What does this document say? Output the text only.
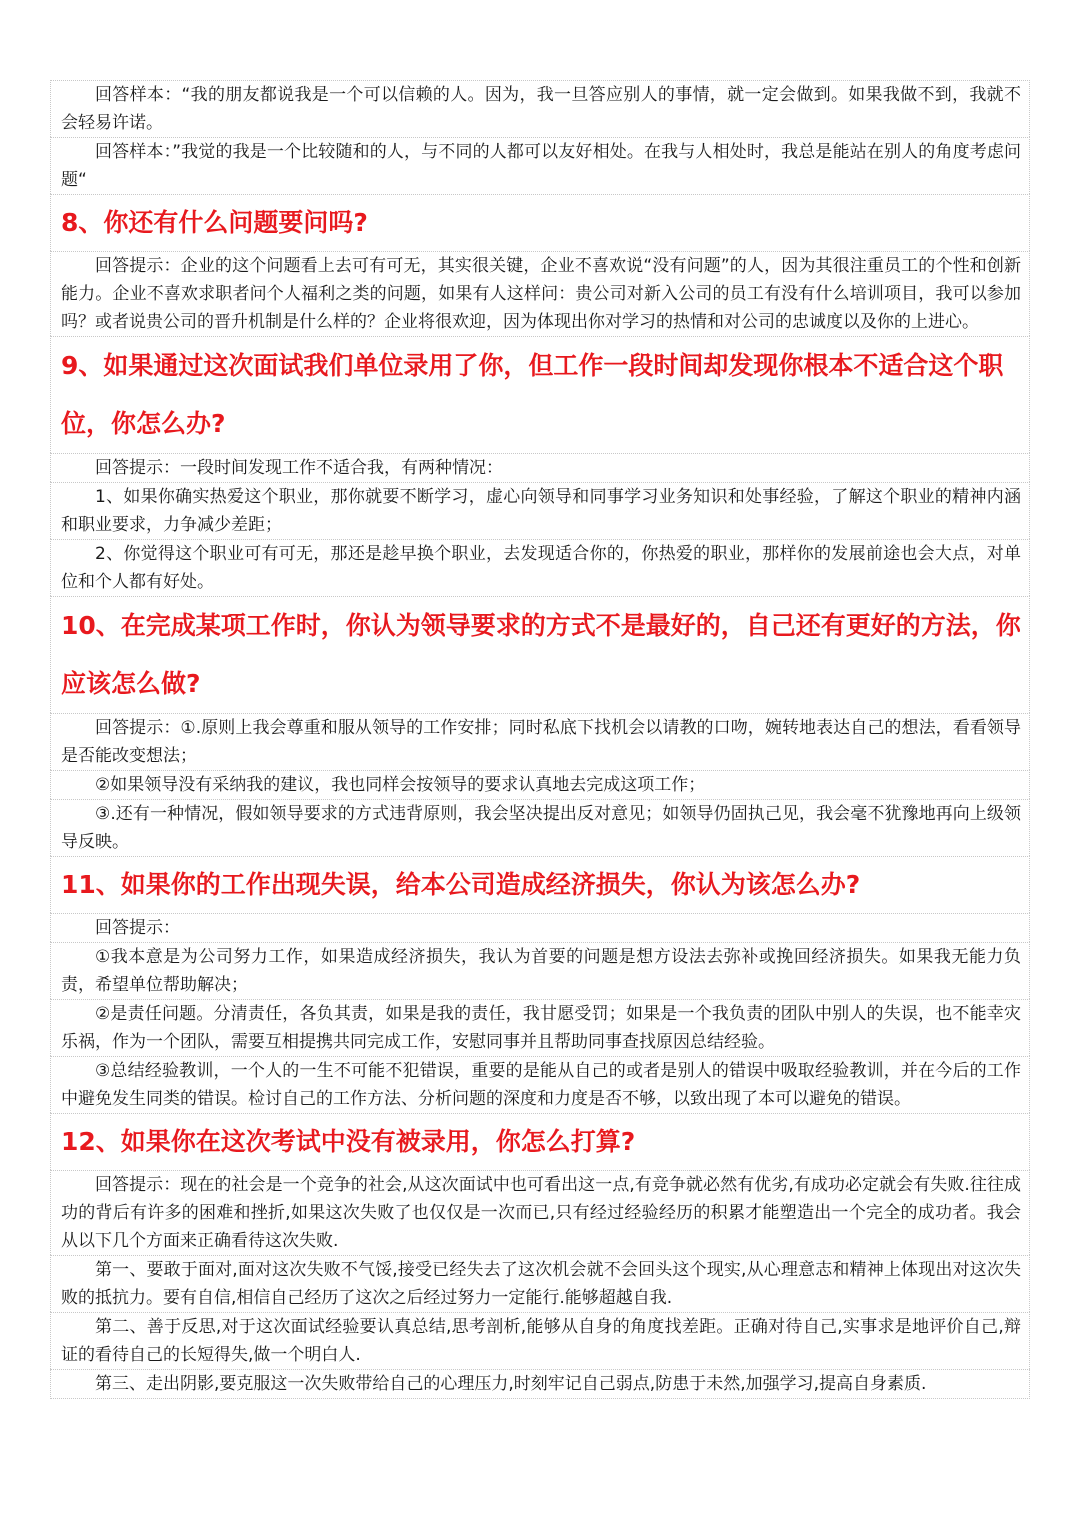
回答样本：“我的朋友都说我是一个可以信赖的人。因为，我一旦答应别人的事情，就一定会做到。如果我做不到，我就不会轻易许诺。

回答样本：”我觉的我是一个比较随和的人，与不同的人都可以友好相处。在我与人相处时，我总是能站在别人的角度考虑问题“

8、你还有什么问题要问吗?

回答提示：企业的这个问题看上去可有可无，其实很关键，企业不喜欢说“没有问题”的人，因为其很注重员工的个性和创新能力。企业不喜欢求职者问个人福利之类的问题，如果有人这样问：贵公司对新入公司的员工有没有什么培训项目，我可以参加吗？或者说贵公司的晋升机制是什么样的？企业将很欢迎，因为体现出你对学习的热情和对公司的忠诚度以及你的上进心。

9、如果通过这次面试我们单位录用了你，但工作一段时间却发现你根本不适合这个职位，你怎么办?

回答提示：一段时间发现工作不适合我，有两种情况：

1、如果你确实热爱这个职业，那你就要不断学习，虚心向领导和同事学习业务知识和处事经验，了解这个职业的精神内涵和职业要求，力争减少差距；

2、你觉得这个职业可有可无，那还是趁早换个职业，去发现适合你的，你热爱的职业，那样你的发展前途也会大点，对单位和个人都有好处。

10、在完成某项工作时，你认为领导要求的方式不是最好的，自己还有更好的方法，你应该怎么做?

回答提示：①.原则上我会尊重和服从领导的工作安排；同时私底下找机会以请教的口吻，婉转地表达自己的想法，看看领导是否能改变想法；

②如果领导没有采纳我的建议，我也同样会按领导的要求认真地去完成这项工作；

③.还有一种情况，假如领导要求的方式违背原则，我会坚决提出反对意见；如领导仍固执己见，我会毫不犹豫地再向上级领导反映。

11、如果你的工作出现失误，给本公司造成经济损失，你认为该怎么办?

回答提示：

①我本意是为公司努力工作，如果造成经济损失，我认为首要的问题是想方设法去弥补或挽回经济损失。如果我无能力负责，希望单位帮助解决；

②是责任问题。分清责任，各负其责，如果是我的责任，我甘愿受罚；如果是一个我负责的团队中别人的失误，也不能幸灾乐祸，作为一个团队，需要互相提携共同完成工作，安慰同事并且帮助同事查找原因总结经验。

③总结经验教训，一个人的一生不可能不犯错误，重要的是能从自己的或者是别人的错误中吸取经验教训，并在今后的工作中避免发生同类的错误。检讨自己的工作方法、分析问题的深度和力度是否不够，以致出现了本可以避免的错误。

12、如果你在这次考试中没有被录用，你怎么打算?

回答提示：现在的社会是一个竞争的社会,从这次面试中也可看出这一点,有竞争就必然有优劣,有成功必定就会有失败.往往成功的背后有许多的困难和挫折,如果这次失败了也仅仅是一次而已,只有经过经验经历的积累才能塑造出一个完全的成功者。我会从以下几个方面来正确看待这次失败.

第一、要敢于面对,面对这次失败不气馁,接受已经失去了这次机会就不会回头这个现实,从心理意志和精神上体现出对这次失败的抵抗力。要有自信,相信自己经历了这次之后经过努力一定能行.能够超越自我.

第二、善于反思,对于这次面试经验要认真总结,思考剖析,能够从自身的角度找差距。正确对待自己,实事求是地评价自己,辩证的看待自己的长短得失,做一个明白人.

第三、走出阴影,要克服这一次失败带给自己的心理压力,时刻牢记自己弱点,防患于未然,加强学习,提高自身素质.
